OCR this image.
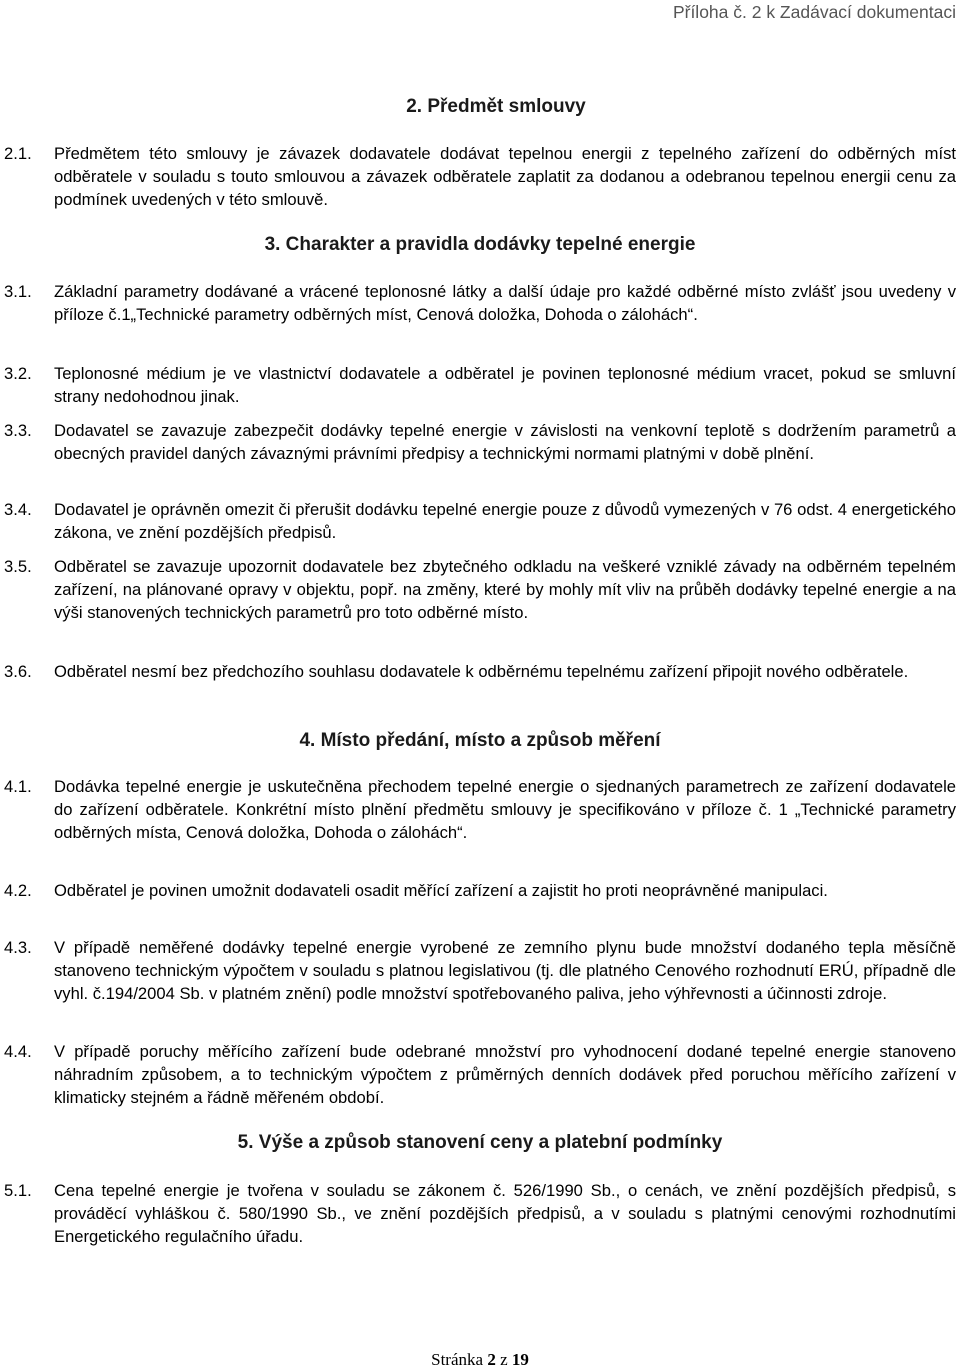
Příloha č. 2 k Zadávací dokumentaci
2. Předmět smlouvy
2.1. Předmětem této smlouvy je závazek dodavatele dodávat tepelnou energii z tepelného zařízení do odběrných míst odběratele v souladu s touto smlouvou a závazek odběratele zaplatit za dodanou a odebranou tepelnou energii cenu za podmínek uvedených v této smlouvě.
3. Charakter a pravidla dodávky tepelné energie
3.1. Základní parametry dodávané a vrácené teplonosné látky a další údaje pro každé odběrné místo zvlášť jsou uvedeny v příloze č.1„Technické parametry odběrných míst, Cenová doložka, Dohoda o zálohách“.
3.2. Teplonosné médium je ve vlastnictví dodavatele a odběratel je povinen teplonosné médium vracet, pokud se smluvní strany nedohodnou jinak.
3.3. Dodavatel se zavazuje zabezpečit dodávky tepelné energie v závislosti na venkovní teplotě s dodržením parametrů a obecných pravidel daných závaznými právními předpisy a technickými normami platnými v době plnění.
3.4. Dodavatel je oprávněn omezit či přerušit dodávku tepelné energie pouze z důvodů vymezených v 76 odst. 4 energetického zákona, ve znění pozdějších předpisů.
3.5. Odběratel se zavazuje upozornit dodavatele bez zbytečného odkladu na veškeré vzniklé závady na odběrném tepelném zařízení, na plánované opravy v objektu, popř. na změny, které by mohly mít vliv na průběh dodávky tepelné energie a na výši stanovených technických parametrů pro toto odběrné místo.
3.6. Odběratel nesmí bez předchozího souhlasu dodavatele k odběrnému tepelnému zařízení připojit nového odběratele.
4. Místo předání, místo a způsob měření
4.1. Dodávka tepelné energie je uskutečněna přechodem tepelné energie o sjednaných parametrech ze zařízení dodavatele do zařízení odběratele. Konkrétní místo plnění předmětu smlouvy je specifikováno v příloze č. 1 „Technické parametry odběrných místa, Cenová doložka, Dohoda o zálohách“.
4.2. Odběratel je povinen umožnit dodavateli osadit měřící zařízení a zajistit ho proti neoprávněné manipulaci.
4.3. V případě neměřené dodávky tepelné energie vyrobené ze zemního plynu bude množství dodaného tepla měsíčně stanoveno technickým výpočtem v souladu s platnou legislativou (tj. dle platného Cenového rozhodnutí ERÚ, případně dle vyhl. č.194/2004 Sb. v platném znění) podle množství spotřebovaného paliva, jeho výhřevnosti a účinnosti zdroje.
4.4. V případě poruchy měřícího zařízení bude odebrané množství pro vyhodnocení dodané tepelné energie stanoveno náhradním způsobem, a to technickým výpočtem z průměrných denních dodávek před poruchou měřícího zařízení v klimaticky stejném a řádně měřeném období.
5. Výše a způsob stanovení ceny a platební podmínky
5.1. Cena tepelné energie je tvořena v souladu se zákonem č. 526/1990 Sb., o cenách, ve znění pozdějších předpisů, s prováděcí vyhláškou č. 580/1990 Sb., ve znění pozdějších předpisů, a v souladu s platnými cenovými rozhodnutími Energetického regulačního úřadu.
Stránka 2 z 19
